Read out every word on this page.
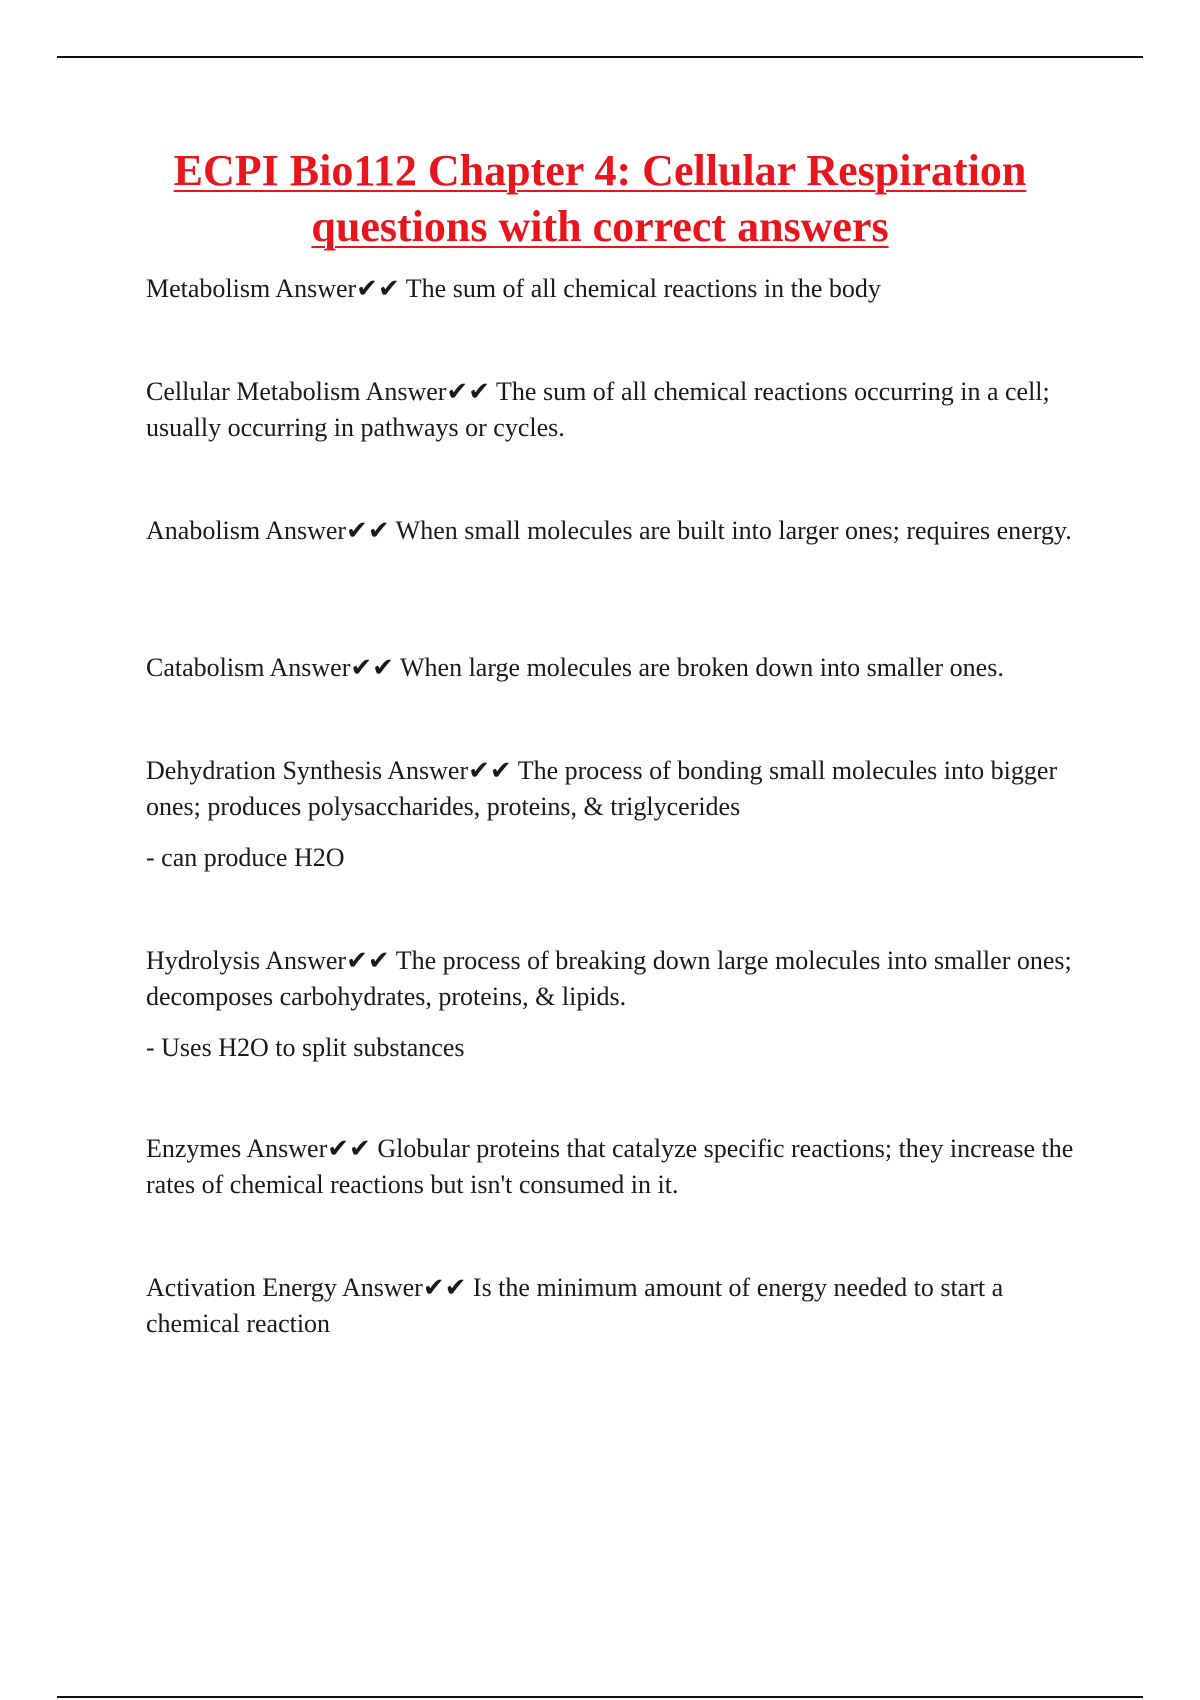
ECPI Bio112 Chapter 4: Cellular Respiration questions with correct answers

Metabolism Answer✔✔ The sum of all chemical reactions in the body

Cellular Metabolism Answer✔✔ The sum of all chemical reactions occurring in a cell; usually occurring in pathways or cycles.

Anabolism Answer✔✔ When small molecules are built into larger ones; requires energy.

Catabolism Answer✔✔ When large molecules are broken down into smaller ones.

Dehydration Synthesis Answer✔✔ The process of bonding small molecules into bigger ones; produces polysaccharides, proteins, & triglycerides

- can produce H2O

Hydrolysis Answer✔✔ The process of breaking down large molecules into smaller ones; decomposes carbohydrates, proteins, & lipids.

- Uses H2O to split substances

Enzymes Answer✔✔ Globular proteins that catalyze specific reactions; they increase the rates of chemical reactions but isn't consumed in it.

Activation Energy Answer✔✔ Is the minimum amount of energy needed to start a chemical reaction
